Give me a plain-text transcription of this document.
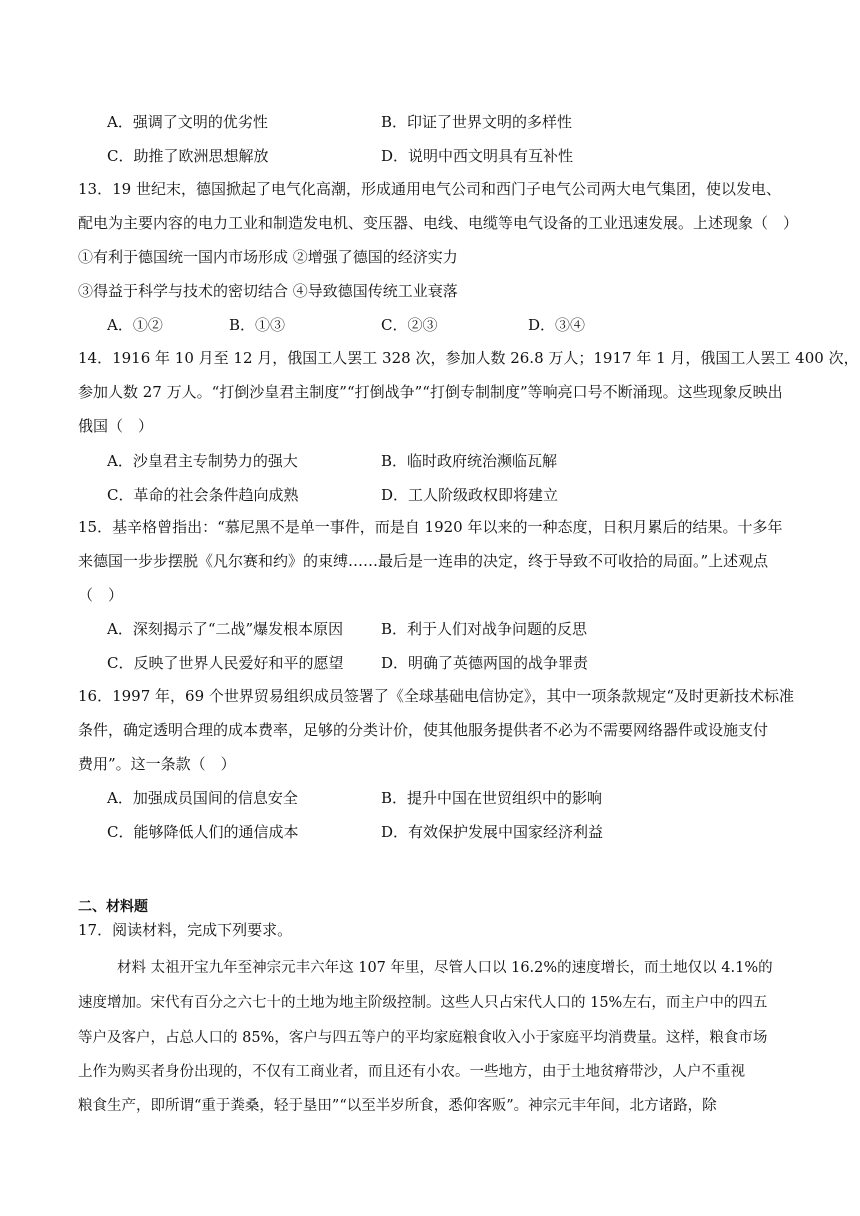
A．强调了文明的优劣性	B．印证了世界文明的多样性
C．助推了欧洲思想解放	D．说明中西文明具有互补性
13．19 世纪末，德国掀起了电气化高潮，形成通用电气公司和西门子电气公司两大电气集团，使以发电、
配电为主要内容的电力工业和制造发电机、变压器、电线、电缆等电气设备的工业迅速发展。上述现象（　）
①有利于德国统一国内市场形成 ②增强了德国的经济实力
③得益于科学与技术的密切结合 ④导致德国传统工业衰落
A．①②	B．①③	C．②③	D．③④
14．1916 年 10 月至 12 月，俄国工人罢工 328 次，参加人数 26.8 万人；1917 年 1 月，俄国工人罢工 400 次，
参加人数 27 万人。“打倒沙皇君主制度”“打倒战争”“打倒专制制度”等响亮口号不断涌现。这些现象反映出
俄国（　）
A．沙皇君主专制势力的强大	B．临时政府统治濒临瓦解
C．革命的社会条件趋向成熟	D．工人阶级政权即将建立
15．基辛格曾指出：“慕尼黑不是单一事件，而是自 1920 年以来的一种态度，日积月累后的结果。十多年
来德国一步步摆脱《凡尔赛和约》的束缚……最后是一连串的决定，终于导致不可收拾的局面。”上述观点
（　）
A．深刻揭示了“二战”爆发根本原因	B．利于人们对战争问题的反思
C．反映了世界人民爱好和平的愿望	D．明确了英德两国的战争罪责
16．1997 年，69 个世界贸易组织成员签署了《全球基础电信协定》，其中一项条款规定“及时更新技术标准
条件，确定透明合理的成本费率，足够的分类计价，使其他服务提供者不必为不需要网络器件或设施支付
费用”。这一条款（　）
A．加强成员国间的信息安全	B．提升中国在世贸组织中的影响
C．能够降低人们的通信成本	D．有效保护发展中国家经济利益
二、材料题
17．阅读材料，完成下列要求。
材料 太祖开宝九年至神宗元丰六年这 107 年里，尽管人口以 16.2%的速度增长，而土地仅以 4.1%的
速度增加。宋代有百分之六七十的土地为地主阶级控制。这些人只占宋代人口的 15%左右，而主户中的四五
等户及客户，占总人口的 85%，客户与四五等户的平均家庭粮食收入小于家庭平均消费量。这样，粮食市场
上作为购买者身份出现的，不仅有工商业者，而且还有小农。一些地方，由于土地贫瘠带沙，人户不重视
粮食生产，即所谓“重于粪桑，轻于垦田”“以至半岁所食，悉仰客贩”。神宗元丰年间，北方诸路，除
